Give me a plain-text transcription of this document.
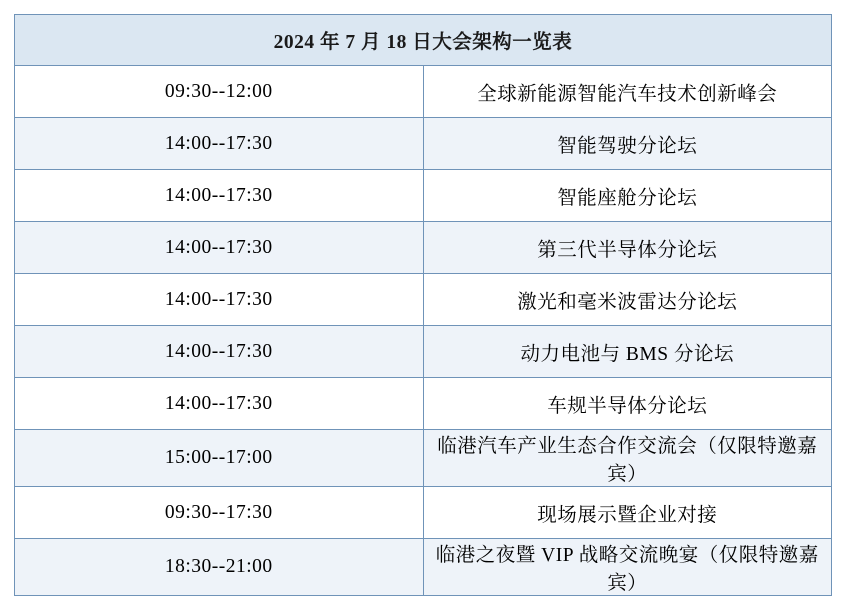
2024 年 7 月 18 日大会架构一览表	
09:30--12:00	全球新能源智能汽车技术创新峰会
14:00--17:30	智能驾驶分论坛
14:00--17:30	智能座舱分论坛
14:00--17:30	第三代半导体分论坛
14:00--17:30	激光和毫米波雷达分论坛
14:00--17:30	动力电池与 BMS 分论坛
14:00--17:30	车规半导体分论坛
15:00--17:00	临港汽车产业生态合作交流会（仅限特邀嘉宾）
09:30--17:30	现场展示暨企业对接
18:30--21:00	临港之夜暨 VIP 战略交流晚宴（仅限特邀嘉宾）
